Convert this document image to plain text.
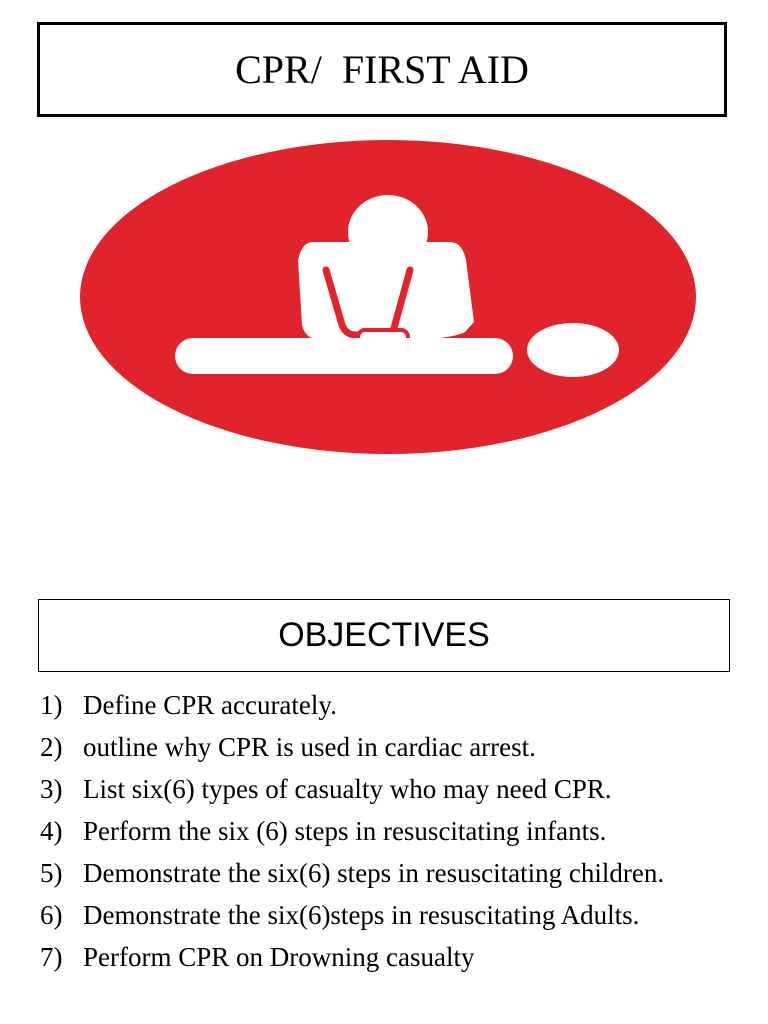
CPR/  FIRST AID
OBJECTIVES
1) Define CPR accurately.
2) outline why CPR is used in cardiac arrest.
3) List six(6) types of casualty who may need CPR.
4) Perform the six (6) steps in resuscitating infants.
5) Demonstrate the six(6) steps in resuscitating children.
6) Demonstrate the six(6)steps in resuscitating Adults.
7) Perform CPR on Drowning casualty
